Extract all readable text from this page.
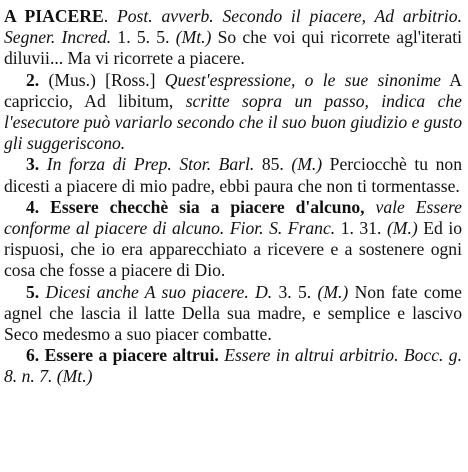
A PIACERE. Post. avverb. Secondo il piacere, Ad arbitrio. Segner. Incred. 1. 5. 5. (Mt.) So che voi qui ricorrete agl'iterati diluvii... Ma vi ricorrete a piacere.

2. (Mus.) [Ross.] Quest'espressione, o le sue sinonime A capriccio, Ad libitum, scritte sopra un passo, indica che l'esecutore può variarlo secondo che il suo buon giudizio e gusto gli suggeriscono.

3. In forza di Prep. Stor. Barl. 85. (M.) Perciocchè tu non dicesti a piacere di mio padre, ebbi paura che non ti tormentasse.

4. Essere checchè sia a piacere d'alcuno, vale Essere conforme al piacere di alcuno. Fior. S. Franc. 1. 31. (M.) Ed io rispuosi, che io era apparecchiato a ricevere e a sostenere ogni cosa che fosse a piacere di Dio.

5. Dicesi anche A suo piacere. D. 3. 5. (M.) Non fate come agnel che lascia il latte Della sua madre, e semplice e lascivo Seco medesmo a suo piacer combatte.

6. Essere a piacere altrui. Essere in altrui arbitrio. Bocc. g. 8. n. 7. (Mt.)
